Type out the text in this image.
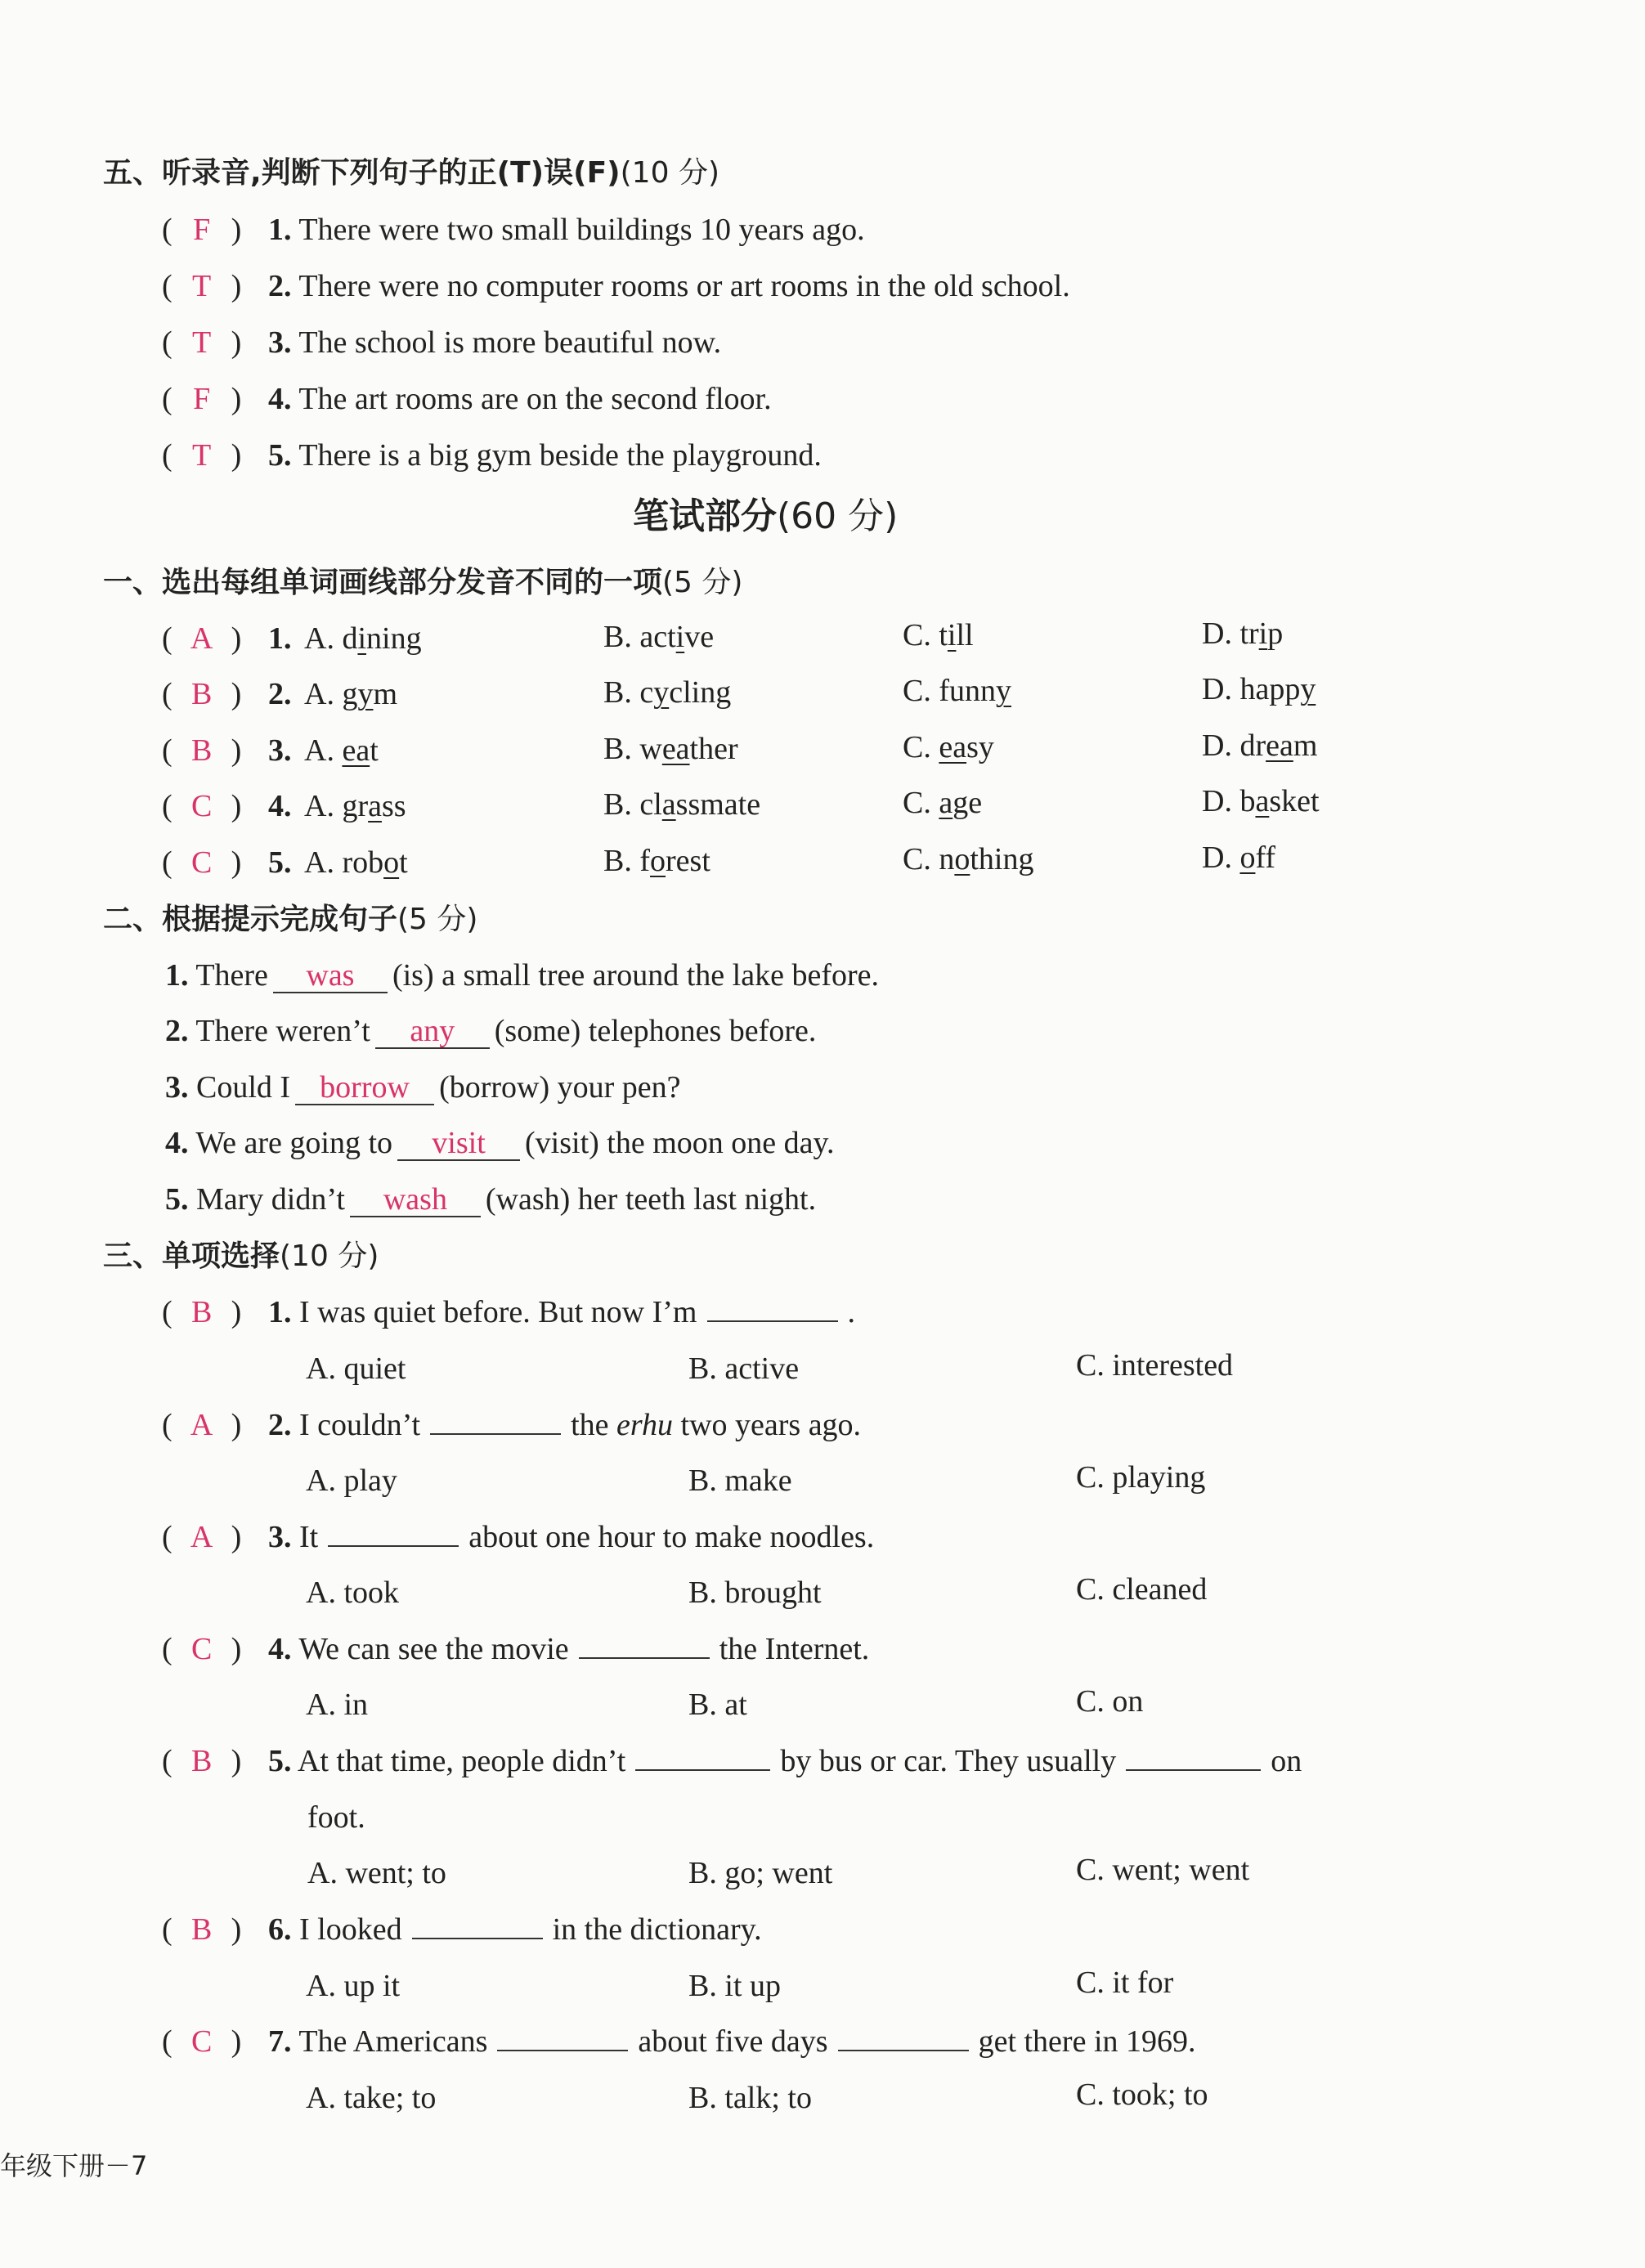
五、听录音,判断下列句子的正(T)误(F)(10 分)
( F ) 1. There were two small buildings 10 years ago.
( T ) 2. There were no computer rooms or art rooms in the old school.
( T ) 3. The school is more beautiful now.
( F ) 4. The art rooms are on the second floor.
( T ) 5. There is a big gym beside the playground.
笔试部分(60 分)
一、选出每组单词画线部分发音不同的一项(5 分)
( A ) 1. A. dining	B. active	C. till	D. trip
( B ) 2. A. gym	B. cycling	C. funny	D. happy
( B ) 3. A. eat	B. weather	C. easy	D. dream
( C ) 4. A. grass	B. classmate	C. age	D. basket
( C ) 5. A. robot	B. forest	C. nothing	D. off
二、根据提示完成句子(5 分)
1. There was (is) a small tree around the lake before.
2. There weren’t any (some) telephones before.
3. Could I borrow (borrow) your pen?
4. We are going to visit (visit) the moon one day.
5. Mary didn’t wash (wash) her teeth last night.
三、单项选择(10 分)
( B ) 1. I was quiet before. But now I’m	.
A. quiet	B. active	C. interested
( A ) 2. I couldn’t	the erhu two years ago.
A. play	B. make	C. playing
( A ) 3. It	about one hour to make noodles.
A. took	B. brought	C. cleaned
( C ) 4. We can see the movie	the Internet.
A. in	B. at	C. on
( B ) 5. At that time, people didn’t	by bus or car. They usually	on
foot.
A. went; to	B. go; went	C. went; went
( B ) 6. I looked	in the dictionary.
A. up it	B. it up	C. it for
( C ) 7. The Americans	about five days	get there in 1969.
A. take; to	B. talk; to	C. took; to
年级下册－7
